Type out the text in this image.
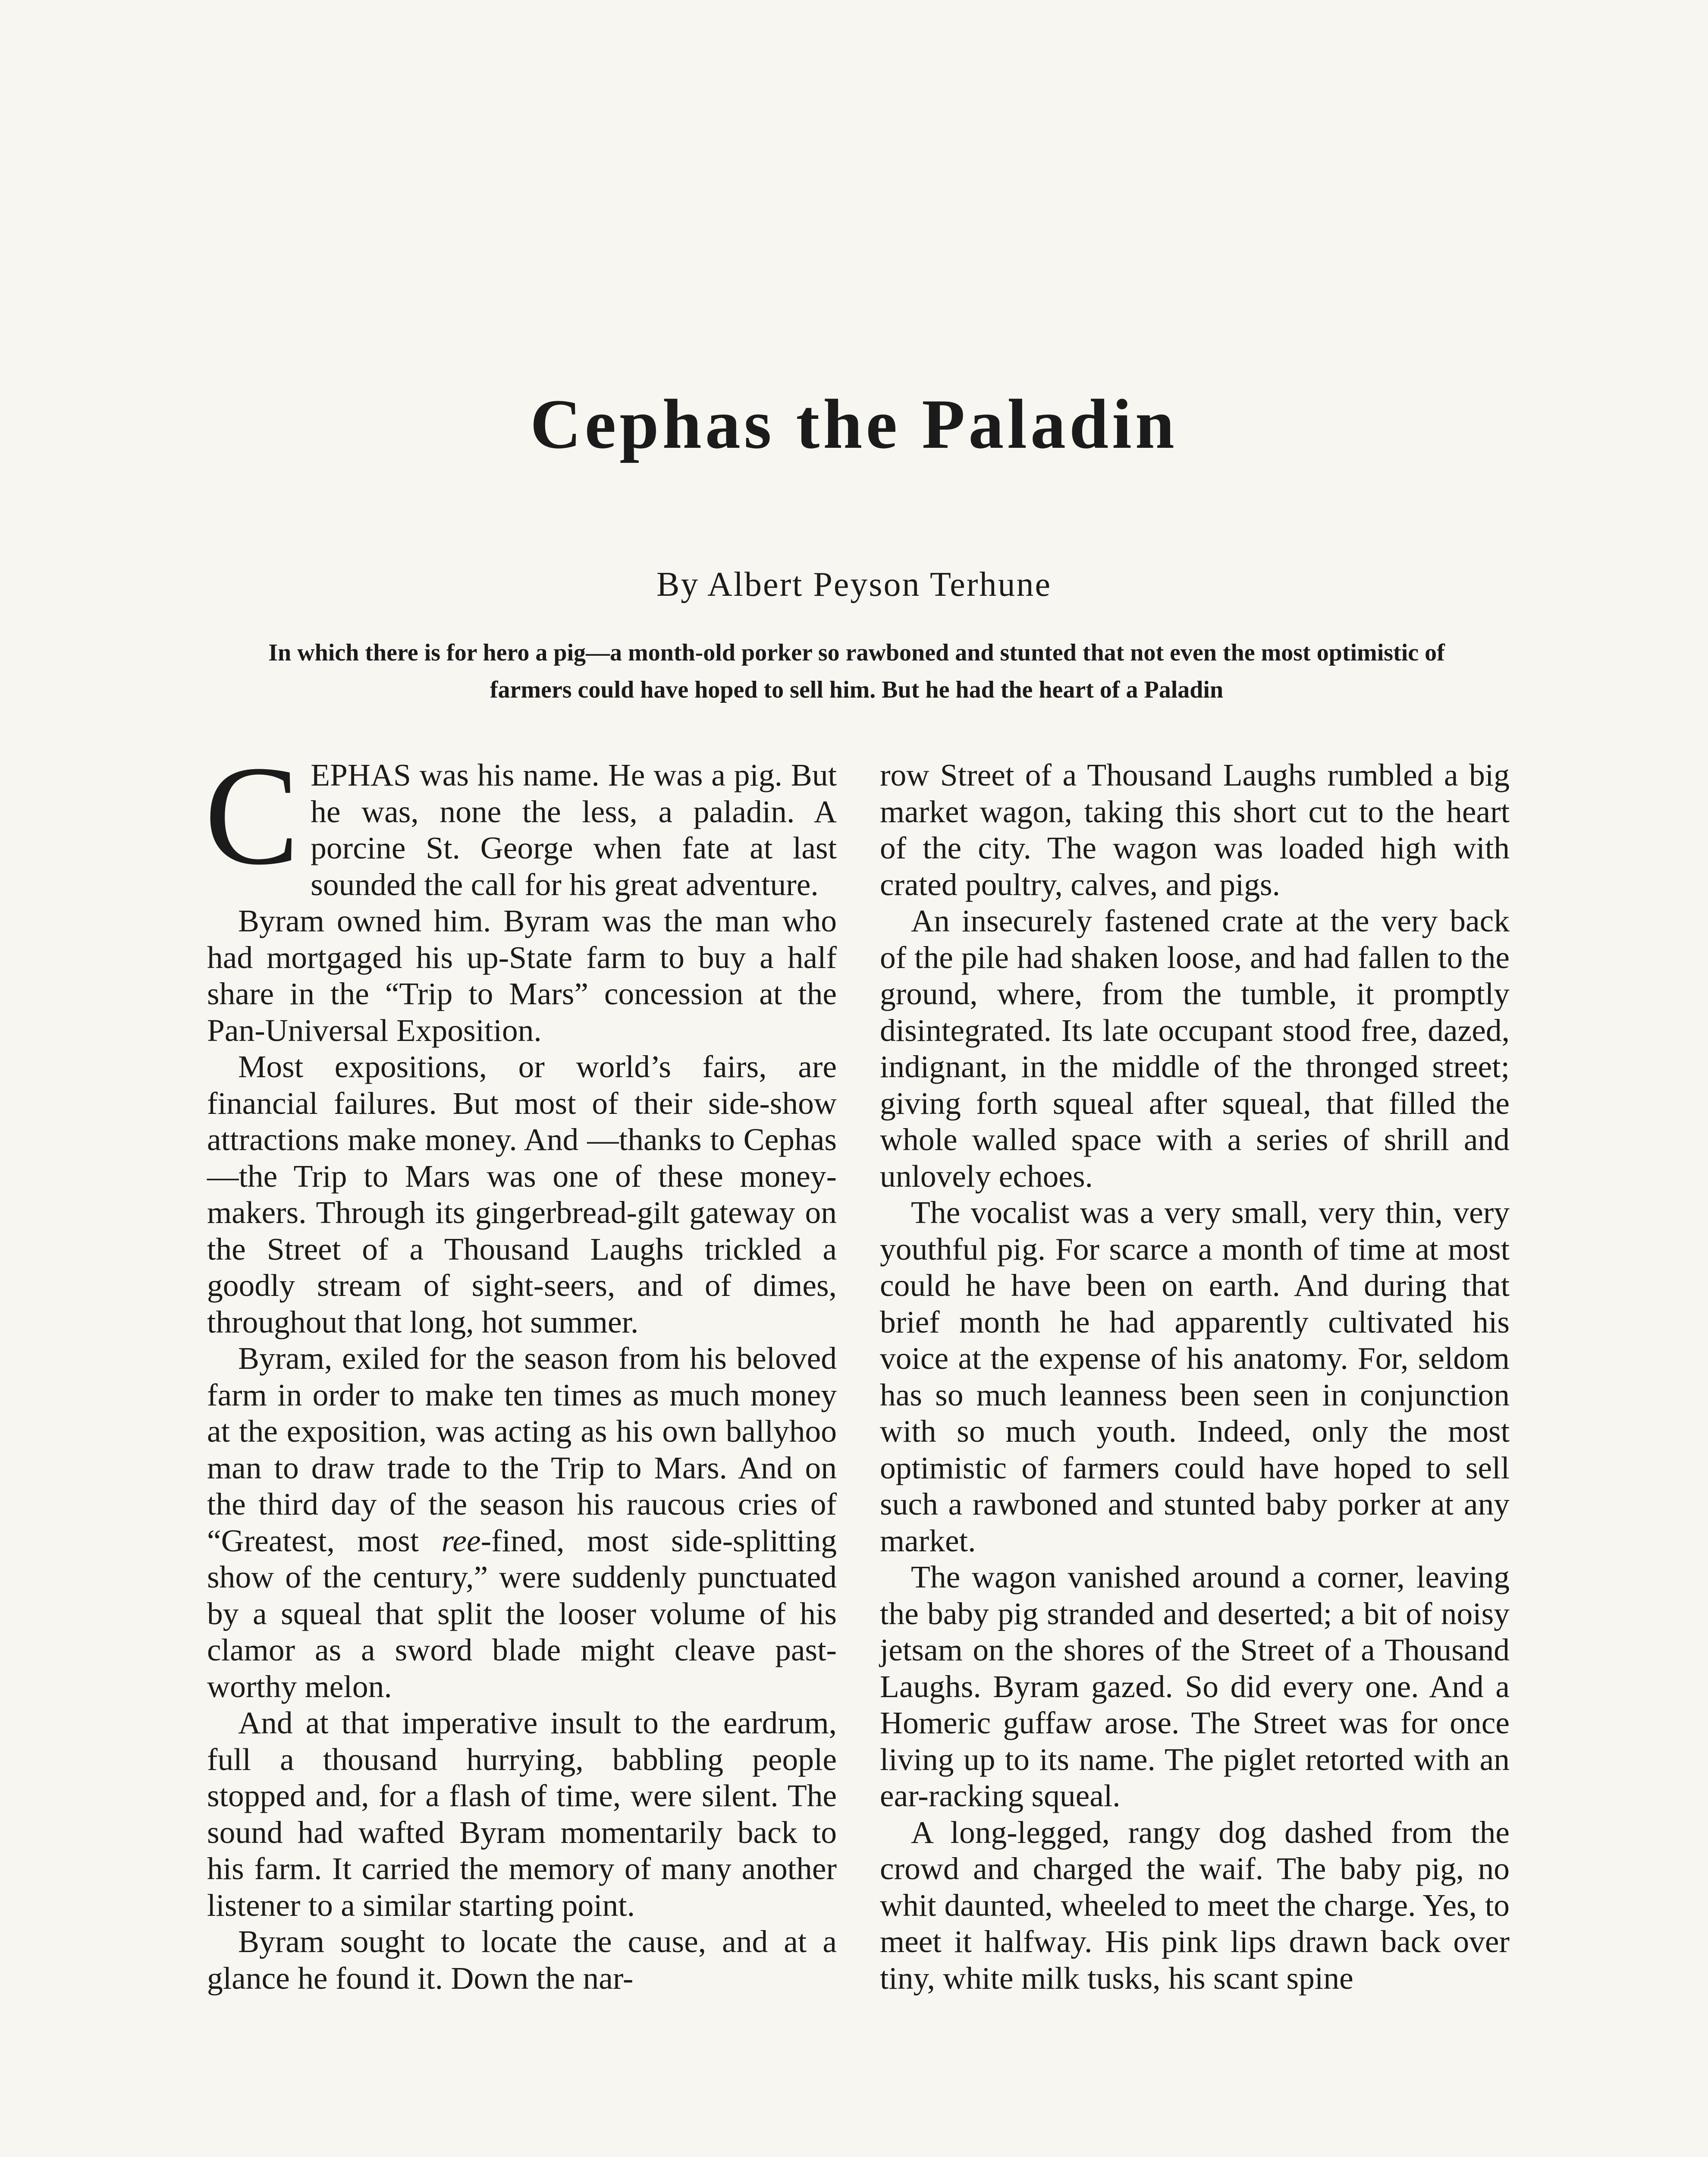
Cephas the Paladin
By Albert Peyson Terhune
In which there is for hero a pig—a month-old porker so rawboned and stunted that not even the most optimistic of farmers could have hoped to sell him. But he had the heart of a Paladin

CEPHAS was his name. He was a pig. But he was, none the less, a paladin. A porcine St. George when fate at last sounded the call for his great adventure.

Byram owned him. Byram was the man who had mortgaged his up-State farm to buy a half share in the “Trip to Mars” concession at the Pan-Universal Exposition.

Most expositions, or world’s fairs, are financial failures. But most of their side-show attractions make money. And —thanks to Cephas—the Trip to Mars was one of these money-makers. Through its gingerbread-gilt gateway on the Street of a Thousand Laughs trickled a goodly stream of sight-seers, and of dimes, throughout that long, hot summer.

Byram, exiled for the season from his beloved farm in order to make ten times as much money at the exposition, was acting as his own ballyhoo man to draw trade to the Trip to Mars. And on the third day of the season his raucous cries of “Greatest, most ree-fined, most side-splitting show of the century,” were suddenly punctuated by a squeal that split the looser volume of his clamor as a sword blade might cleave past-worthy melon.

And at that imperative insult to the eardrum, full a thousand hurrying, babbling people stopped and, for a flash of time, were silent. The sound had wafted Byram momentarily back to his farm. It carried the memory of many another listener to a similar starting point.

Byram sought to locate the cause, and at a glance he found it. Down the nar-

row Street of a Thousand Laughs rumbled a big market wagon, taking this short cut to the heart of the city. The wagon was loaded high with crated poultry, calves, and pigs.

An insecurely fastened crate at the very back of the pile had shaken loose, and had fallen to the ground, where, from the tumble, it promptly disintegrated. Its late occupant stood free, dazed, indignant, in the middle of the thronged street; giving forth squeal after squeal, that filled the whole walled space with a series of shrill and unlovely echoes.

The vocalist was a very small, very thin, very youthful pig. For scarce a month of time at most could he have been on earth. And during that brief month he had apparently cultivated his voice at the expense of his anatomy. For, seldom has so much leanness been seen in conjunction with so much youth. Indeed, only the most optimistic of farmers could have hoped to sell such a rawboned and stunted baby porker at any market.

The wagon vanished around a corner, leaving the baby pig stranded and deserted; a bit of noisy jetsam on the shores of the Street of a Thousand Laughs. Byram gazed. So did every one. And a Homeric guffaw arose. The Street was for once living up to its name. The piglet retorted with an ear-racking squeal.

A long-legged, rangy dog dashed from the crowd and charged the waif. The baby pig, no whit daunted, wheeled to meet the charge. Yes, to meet it halfway. His pink lips drawn back over tiny, white milk tusks, his scant spine
